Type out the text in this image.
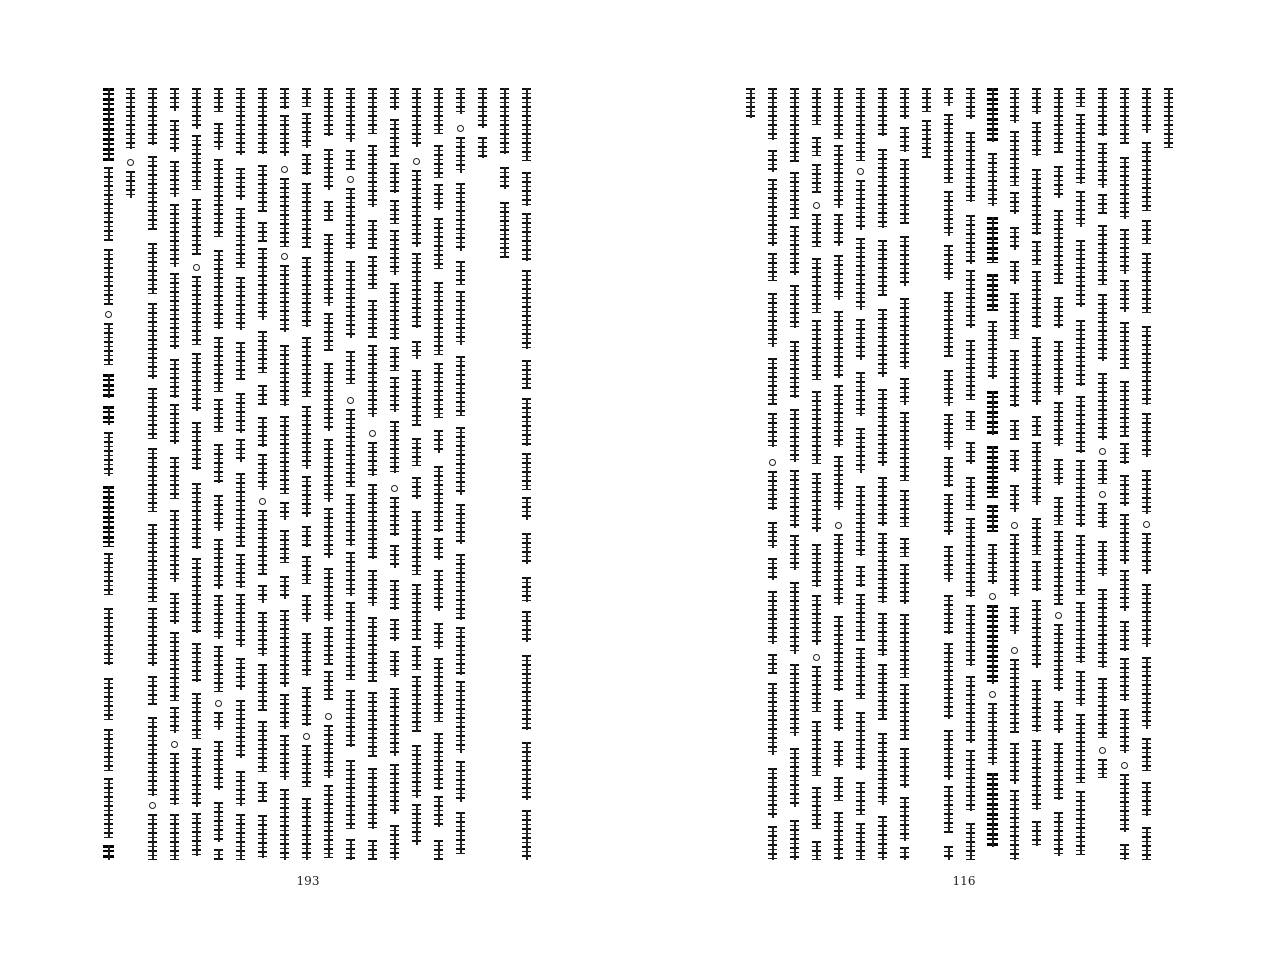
193	116
